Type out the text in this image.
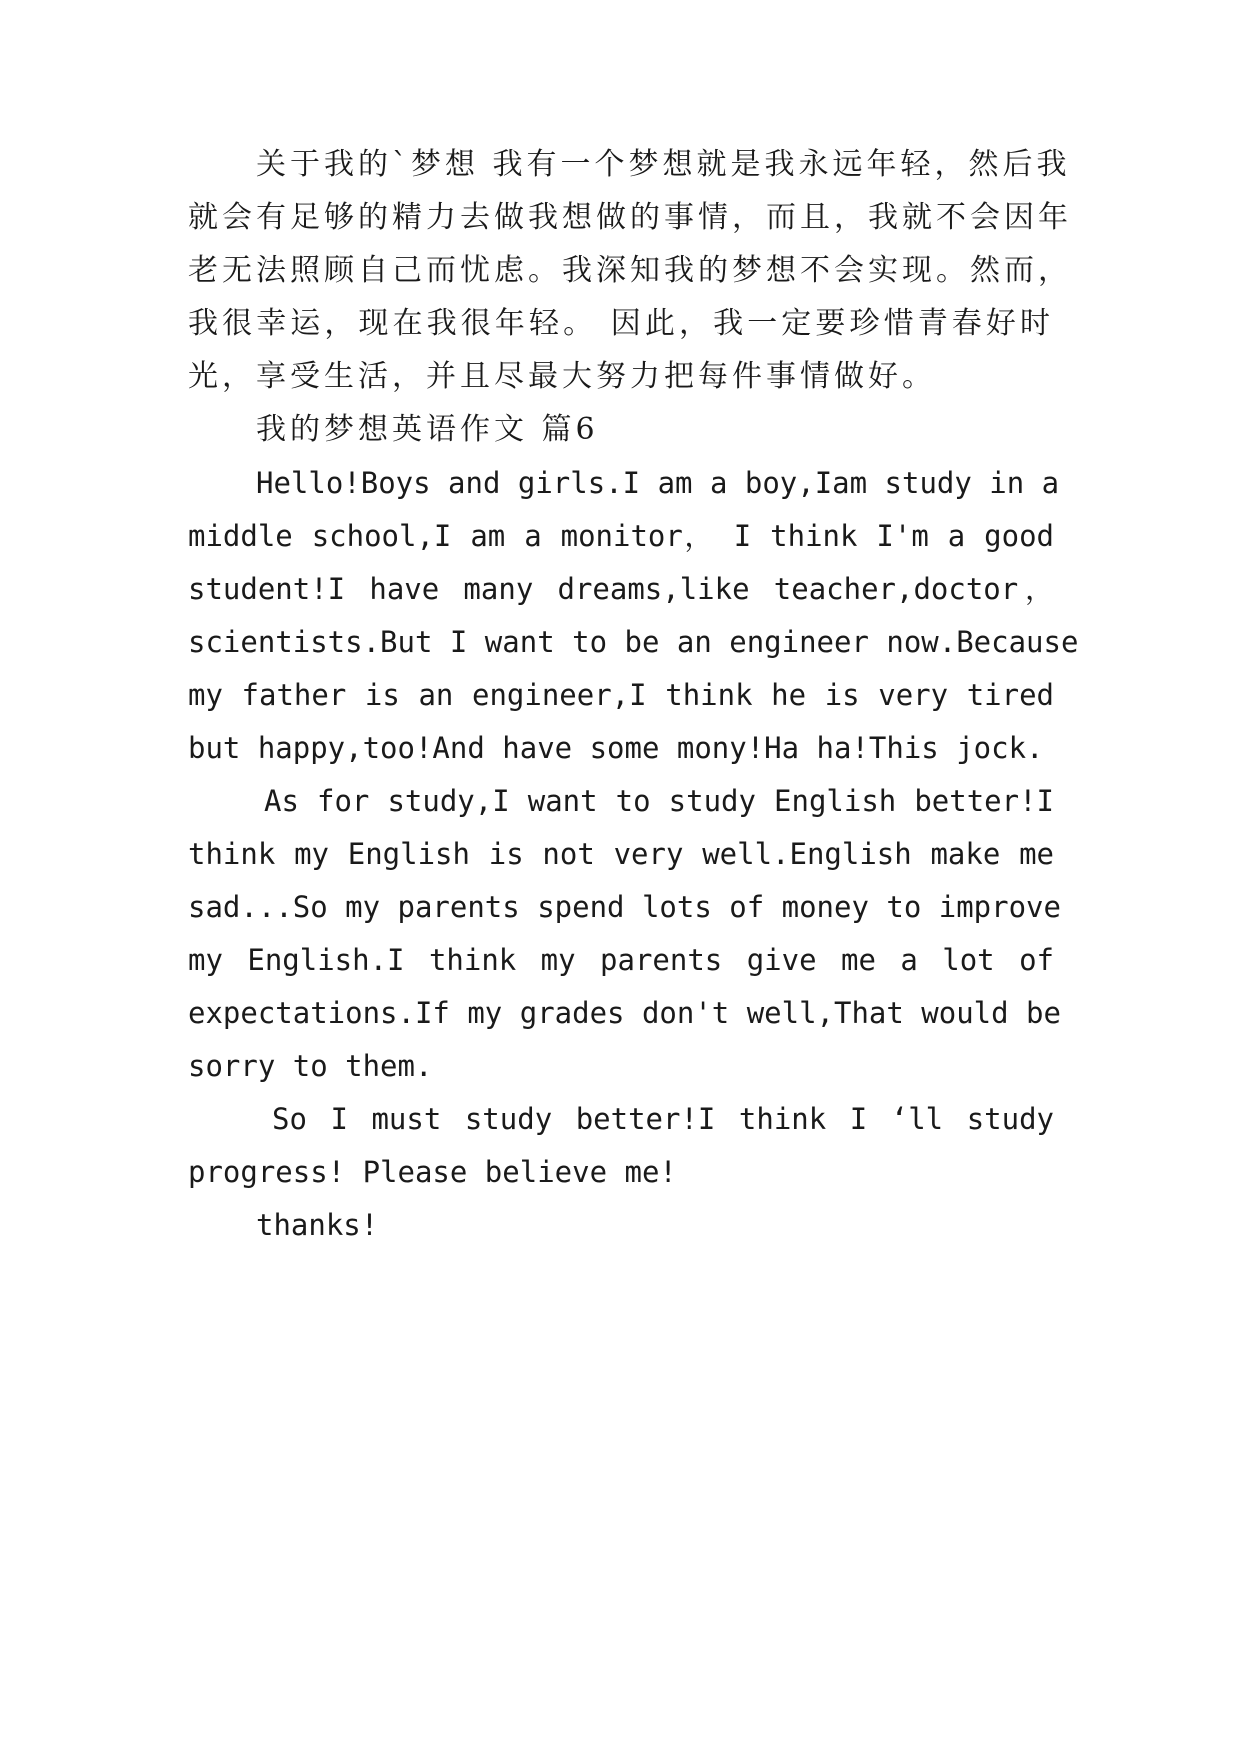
关于我的`梦想 我有一个梦想就是我永远年轻，然后我

就会有足够的精力去做我想做的事情，而且，我就不会因年

老无法照顾自己而忧虑。我深知我的梦想不会实现。然而，

我很幸运，现在我很年轻。 因此，我一定要珍惜青春好时

光，享受生活，并且尽最大努力把每件事情做好。

我的梦想英语作文 篇6

Hello!Boys and girls.I am a boy,Iam study in a

middle school,I am a monitor， I think I'm a good

student!I have many dreams,like teacher,doctor，

scientists.But I want to be an engineer now.Because

my father is an engineer,I think he is very tired

but happy,too!And have some mony!Ha ha!This jock.

As for study,I want to study English better!I

think my English is not very well.English make me

sad...So my parents spend lots of money to improve

my English.I think my parents give me a lot of

expectations.If my grades don't well,That would be

sorry to them.

So I must study better!I think I ‘ll study

progress! Please believe me!

thanks!
